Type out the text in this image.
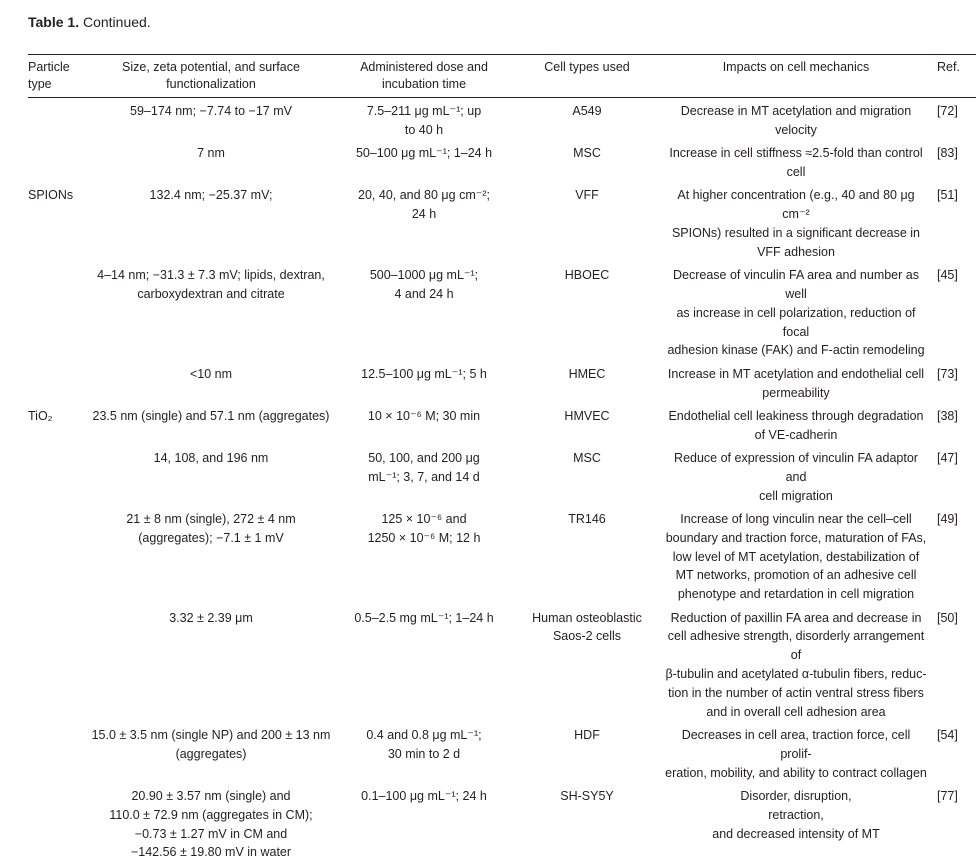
Table 1. Continued.
Particle
type	Size, zeta potential, and surface
functionalization	Administered dose and
incubation time	Cell types used	Impacts on cell mechanics	Ref.
	59–174 nm; −7.74 to −17 mV	7.5–211 μg mL⁻¹; up
to 40 h	A549	Decrease in MT acetylation and migration
velocity	[72]
	7 nm	50–100 μg mL⁻¹; 1–24 h	MSC	Increase in cell stiffness ≈2.5-fold than control
cell	[83]
SPIONs	132.4 nm; −25.37 mV;	20, 40, and 80 μg cm⁻²;
24 h	VFF	At higher concentration (e.g., 40 and 80 μg cm⁻²
SPIONs) resulted in a significant decrease in
VFF adhesion	[51]
	4–14 nm; −31.3 ± 7.3 mV; lipids, dextran,
carboxydextran and citrate	500–1000 μg mL⁻¹;
4 and 24 h	HBOEC	Decrease of vinculin FA area and number as well
as increase in cell polarization, reduction of focal
adhesion kinase (FAK) and F-actin remodeling	[45]
	<10 nm	12.5–100 μg mL⁻¹; 5 h	HMEC	Increase in MT acetylation and endothelial cell
permeability	[73]
TiO₂	23.5 nm (single) and 57.1 nm (aggregates)	10 × 10⁻⁶ M; 30 min	HMVEC	Endothelial cell leakiness through degradation
of VE-cadherin	[38]
	14, 108, and 196 nm	50, 100, and 200 μg
mL⁻¹; 3, 7, and 14 d	MSC	Reduce of expression of vinculin FA adaptor and
cell migration	[47]
	21 ± 8 nm (single), 272 ± 4 nm
(aggregates); −7.1 ± 1 mV	125 × 10⁻⁶ and
1250 × 10⁻⁶ M; 12 h	TR146	Increase of long vinculin near the cell–cell
boundary and traction force, maturation of FAs,
low level of MT acetylation, destabilization of
MT networks, promotion of an adhesive cell
phenotype and retardation in cell migration	[49]
	3.32 ± 2.39 μm	0.5–2.5 mg mL⁻¹; 1–24 h	Human osteoblastic
Saos-2 cells	Reduction of paxillin FA area and decrease in
cell adhesive strength, disorderly arrangement of
β-tubulin and acetylated α-tubulin fibers, reduc-
tion in the number of actin ventral stress fibers
and in overall cell adhesion area	[50]
	15.0 ± 3.5 nm (single NP) and 200 ± 13 nm
(aggregates)	0.4 and 0.8 μg mL⁻¹;
30 min to 2 d	HDF	Decreases in cell area, traction force, cell prolif-
eration, mobility, and ability to contract collagen	[54]
	20.90 ± 3.57 nm (single) and
110.0 ± 72.9 nm (aggregates in CM);
−0.73 ± 1.27 mV in CM and
−142.56 ± 19.80 mV in water	0.1–100 μg mL⁻¹; 24 h	SH-SY5Y	Disorder, disruption,
retraction,
and decreased intensity of MT	[77]
